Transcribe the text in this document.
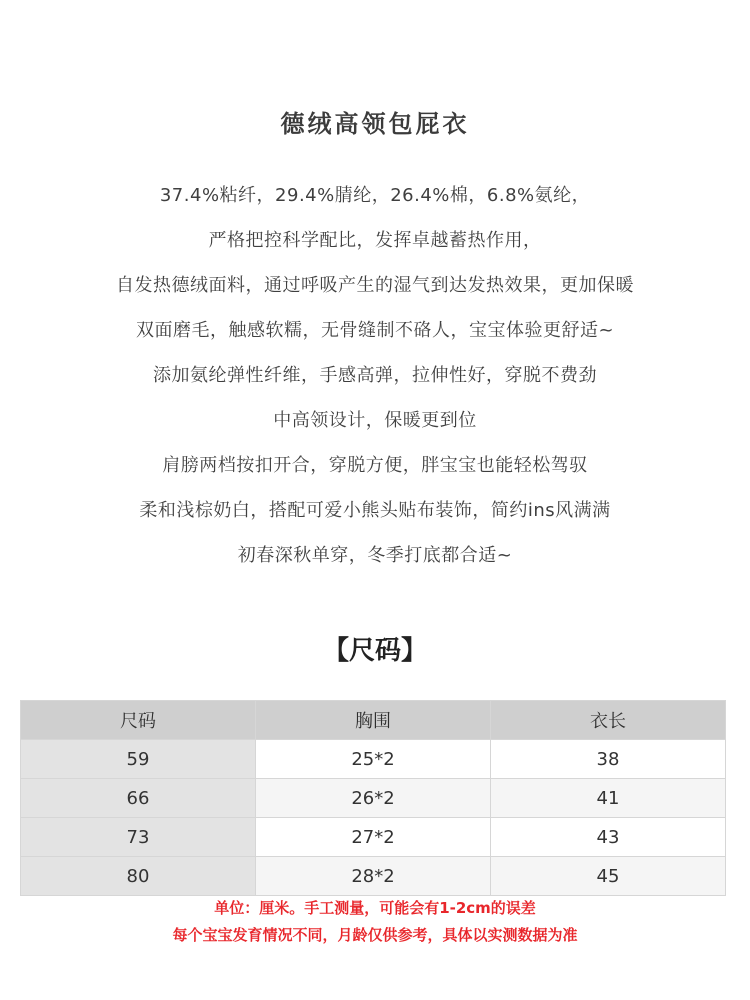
德绒高领包屁衣
37.4%粘纤，29.4%腈纶，26.4%棉，6.8%氨纶，
严格把控科学配比，发挥卓越蓄热作用，
自发热德绒面料，通过呼吸产生的湿气到达发热效果，更加保暖
双面磨毛，触感软糯，无骨缝制不硌人，宝宝体验更舒适~
添加氨纶弹性纤维，手感高弹，拉伸性好，穿脱不费劲
中高领设计，保暖更到位
肩膀两档按扣开合，穿脱方便，胖宝宝也能轻松驾驭
柔和浅棕奶白，搭配可爱小熊头贴布装饰，简约ins风满满
初春深秋单穿，冬季打底都合适~
【尺码】
尺码	胸围	衣长
59	25*2	38
66	26*2	41
73	27*2	43
80	28*2	45
单位：厘米。手工测量，可能会有1-2cm的误差
每个宝宝发育情况不同，月龄仅供参考，具体以实测数据为准
